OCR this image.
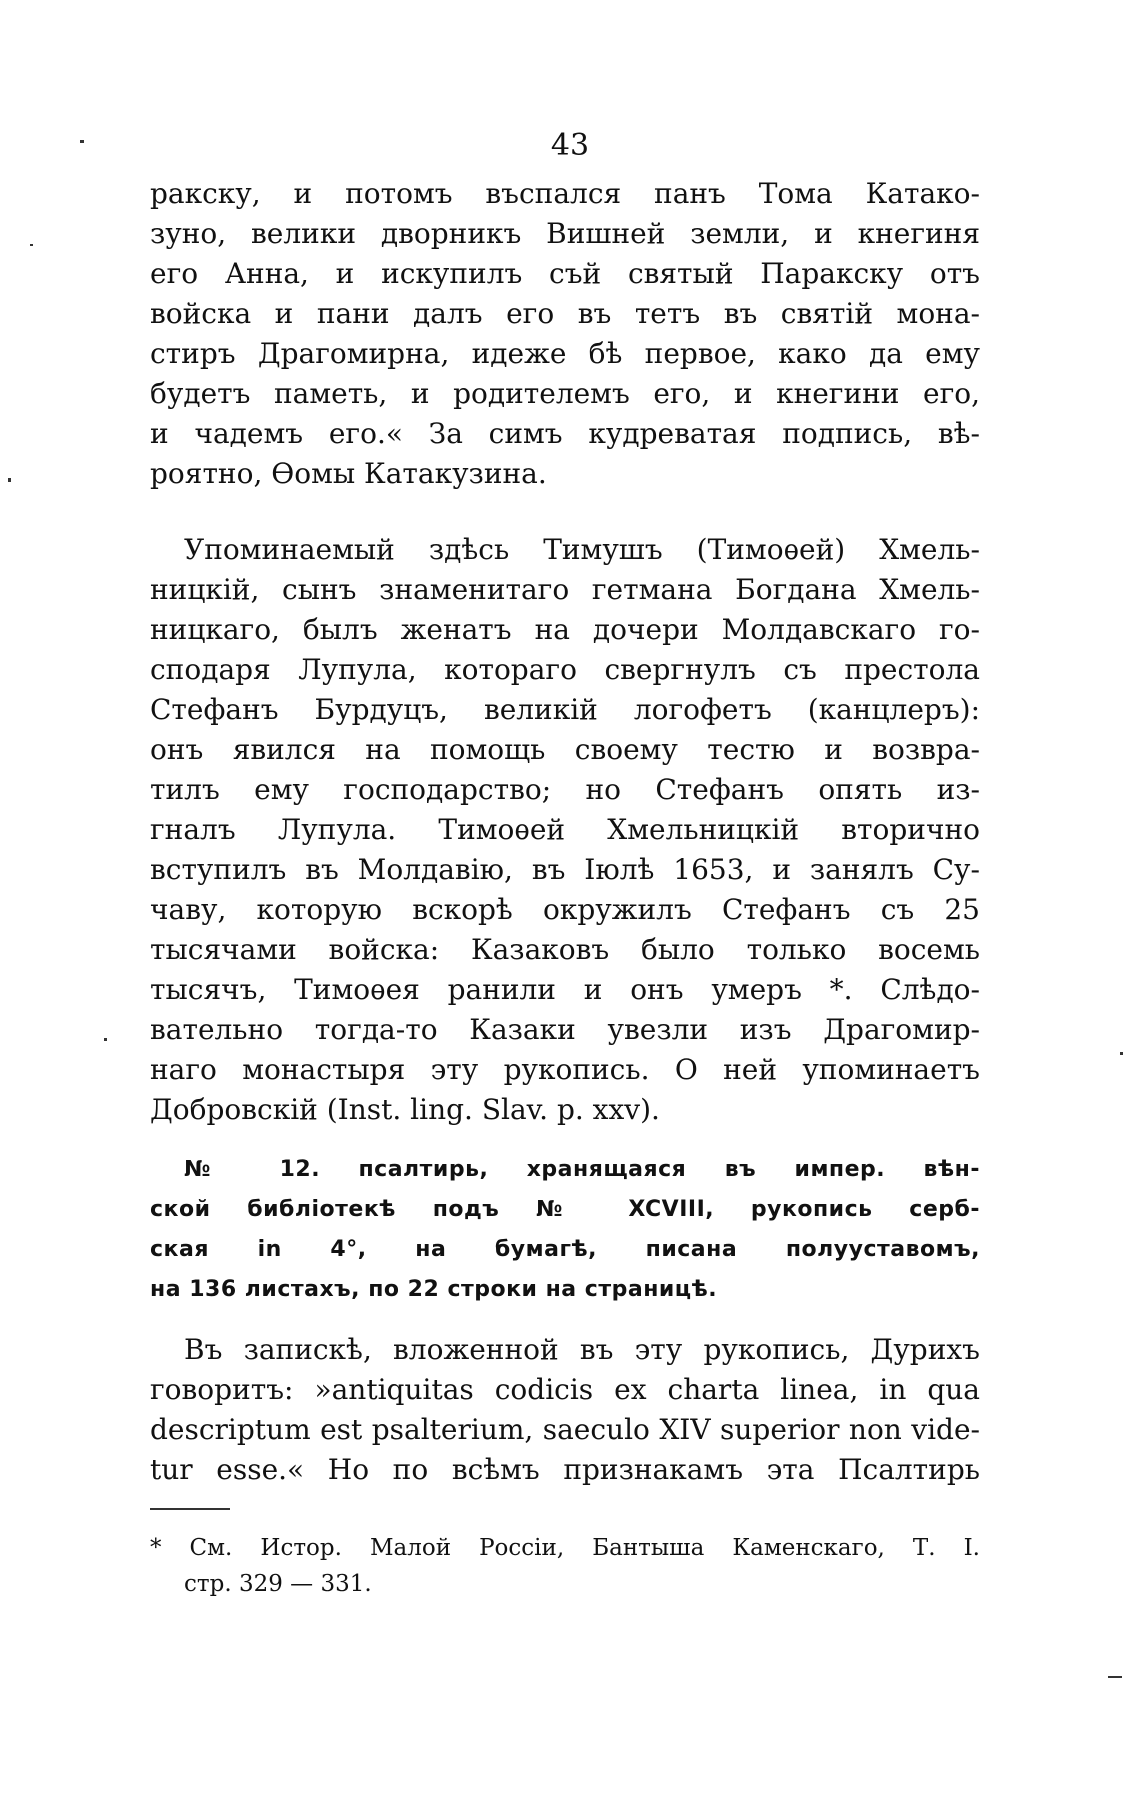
43
ракску, и потомъ въспался панъ Тома Катако-
зуно, велики дворникъ Вишней земли, и кнегиня
его Анна, и искупилъ съй святый Паракску отъ
войска и пани далъ его въ тетъ въ святій мона-
стиръ Драгомирна, идеже бѣ первое, како да ему
будетъ паметь, и родителемъ его, и кнегини его,
и чадемъ его.« За симъ кудреватая подпись, вѣ-
роятно, Ѳомы Катакузина.
Упоминаемый здѣсь Тимушъ (Тимоѳей) Хмель-
ницкій, сынъ знаменитаго гетмана Богдана Хмель-
ницкаго, былъ женатъ на дочери Молдавскаго го-
сподаря Лупула, котораго свергнулъ съ престола
Стефанъ Бурдуцъ, великій логофетъ (канцлеръ):
онъ явился на помощь своему тестю и возвра-
тилъ ему господарство; но Стефанъ опять из-
гналъ Лупула. Тимоѳей Хмельницкій вторично
вступилъ въ Молдавію, въ Іюлѣ 1653, и занялъ Су-
чаву, которую вскорѣ окружилъ Стефанъ съ 25
тысячами войска: Казаковъ было только восемь
тысячъ, Тимоѳея ранили и онъ умеръ *. Слѣдо-
вательно тогда-то Казаки увезли изъ Драгомир-
наго монастыря эту рукопись. О ней упоминаетъ
Добровскій (Inst. ling. Slav. p. xxv).
№ 12. псалтирь, хранящаяся въ импер. вѣн-
ской библіотекѣ подъ № XCVIII, рукопись серб-
ская in 4°, на бумагѣ, писана полууставомъ,
на 136 листахъ, по 22 строки на страницѣ.
Въ запискѣ, вложенной въ эту рукопись, Дурихъ
говоритъ: »antiquitas codicis ex charta linea, in qua
descriptum est psalterium, saeculo XIV superior non vide-
tur esse.« Но по всѣмъ признакамъ эта Псалтирь
* См. Истор. Малой Россіи, Бантыша Каменскаго, Т. I.
стр. 329 — 331.
